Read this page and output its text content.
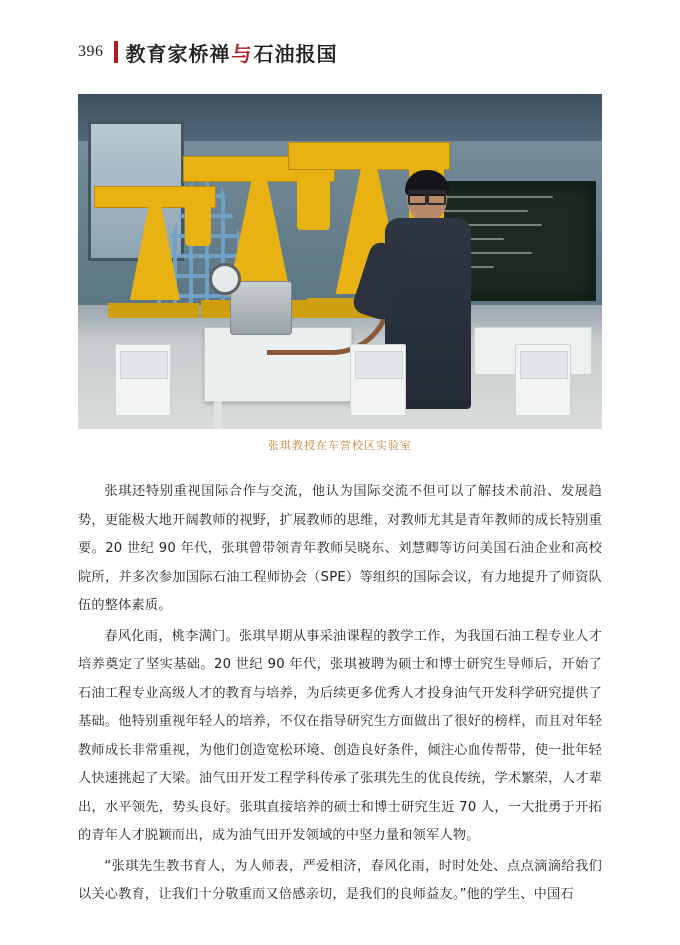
396 教育家桥禅 与 石油报国
张琪教授在车营校区实验室

张琪还特别重视国际合作与交流，他认为国际交流不但可以了解技术前沿、发展趋势，更能极大地开阔教师的视野，扩展教师的思维，对教师尤其是青年教师的成长特别重要。20 世纪 90 年代，张琪曾带领青年教师吴晓东、刘慧卿等访问美国石油企业和高校院所，并多次参加国际石油工程师协会（SPE）等组织的国际会议，有力地提升了师资队伍的整体素质。

春风化雨，桃李满门。张琪早期从事采油课程的教学工作，为我国石油工程专业人才培养奠定了坚实基础。20 世纪 90 年代，张琪被聘为硕士和博士研究生导师后，开始了石油工程专业高级人才的教育与培养，为后续更多优秀人才投身油气开发科学研究提供了基础。他特别重视年轻人的培养，不仅在指导研究生方面做出了很好的榜样，而且对年轻教师成长非常重视，为他们创造宽松环境、创造良好条件，倾注心血传帮带，使一批年轻人快速挑起了大梁。油气田开发工程学科传承了张琪先生的优良传统，学术繁荣，人才辈出，水平领先，势头良好。张琪直接培养的硕士和博士研究生近 70 人，一大批勇于开拓的青年人才脱颖而出，成为油气田开发领域的中坚力量和领军人物。

“张琪先生教书育人，为人师表，严爱相济，春风化雨，时时处处、点点滴滴给我们以关心教育，让我们十分敬重而又倍感亲切，是我们的良师益友。”他的学生、中国石
